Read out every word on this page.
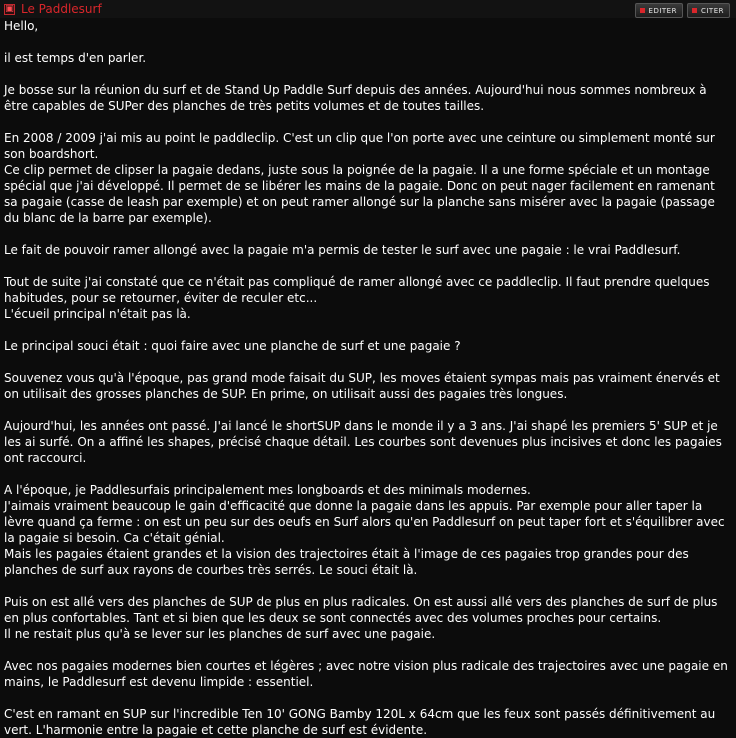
▣ Le Paddlesurf	EDITER	CITER

Hello,

il est temps d'en parler.

Je bosse sur la réunion du surf et de Stand Up Paddle Surf depuis des années. Aujourd'hui nous sommes nombreux à être capables de SUPer des planches de très petits volumes et de toutes tailles.

En 2008 / 2009 j'ai mis au point le paddleclip. C'est un clip que l'on porte avec une ceinture ou simplement monté sur son boardshort.
Ce clip permet de clipser la pagaie dedans, juste sous la poignée de la pagaie. Il a une forme spéciale et un montage spécial que j'ai développé. Il permet de se libérer les mains de la pagaie. Donc on peut nager facilement en ramenant sa pagaie (casse de leash par exemple) et on peut ramer allongé sur la planche sans misérer avec la pagaie (passage du blanc de la barre par exemple).

Le fait de pouvoir ramer allongé avec la pagaie m'a permis de tester le surf avec une pagaie : le vrai Paddlesurf.

Tout de suite j'ai constaté que ce n'était pas compliqué de ramer allongé avec ce paddleclip. Il faut prendre quelques habitudes, pour se retourner, éviter de reculer etc...
L'écueil principal n'était pas là.

Le principal souci était : quoi faire avec une planche de surf et une pagaie ?

Souvenez vous qu'à l'époque, pas grand mode faisait du SUP, les moves étaient sympas mais pas vraiment énervés et on utilisait des grosses planches de SUP. En prime, on utilisait aussi des pagaies très longues.

Aujourd'hui, les années ont passé. J'ai lancé le shortSUP dans le monde il y a 3 ans. J'ai shapé les premiers 5' SUP et je les ai surfé. On a affiné les shapes, précisé chaque détail. Les courbes sont devenues plus incisives et donc les pagaies ont raccourci.

A l'époque, je Paddlesurfais principalement mes longboards et des minimals modernes.
J'aimais vraiment beaucoup le gain d'efficacité que donne la pagaie dans les appuis. Par exemple pour aller taper la lèvre quand ça ferme : on est un peu sur des oeufs en Surf alors qu'en Paddlesurf on peut taper fort et s'équilibrer avec la pagaie si besoin. Ca c'était génial.
Mais les pagaies étaient grandes et la vision des trajectoires était à l'image de ces pagaies trop grandes pour des planches de surf aux rayons de courbes très serrés. Le souci était là.

Puis on est allé vers des planches de SUP de plus en plus radicales. On est aussi allé vers des planches de surf de plus en plus confortables. Tant et si bien que les deux se sont connectés avec des volumes proches pour certains.
Il ne restait plus qu'à se lever sur les planches de surf avec une pagaie.

Avec nos pagaies modernes bien courtes et légères ; avec notre vision plus radicale des trajectoires avec une pagaie en mains, le Paddlesurf est devenu limpide : essentiel.

C'est en ramant en SUP sur l'incredible Ten 10' GONG Bamby 120L x 64cm que les feux sont passés définitivement au vert. L'harmonie entre la pagaie et cette planche de surf est évidente.
